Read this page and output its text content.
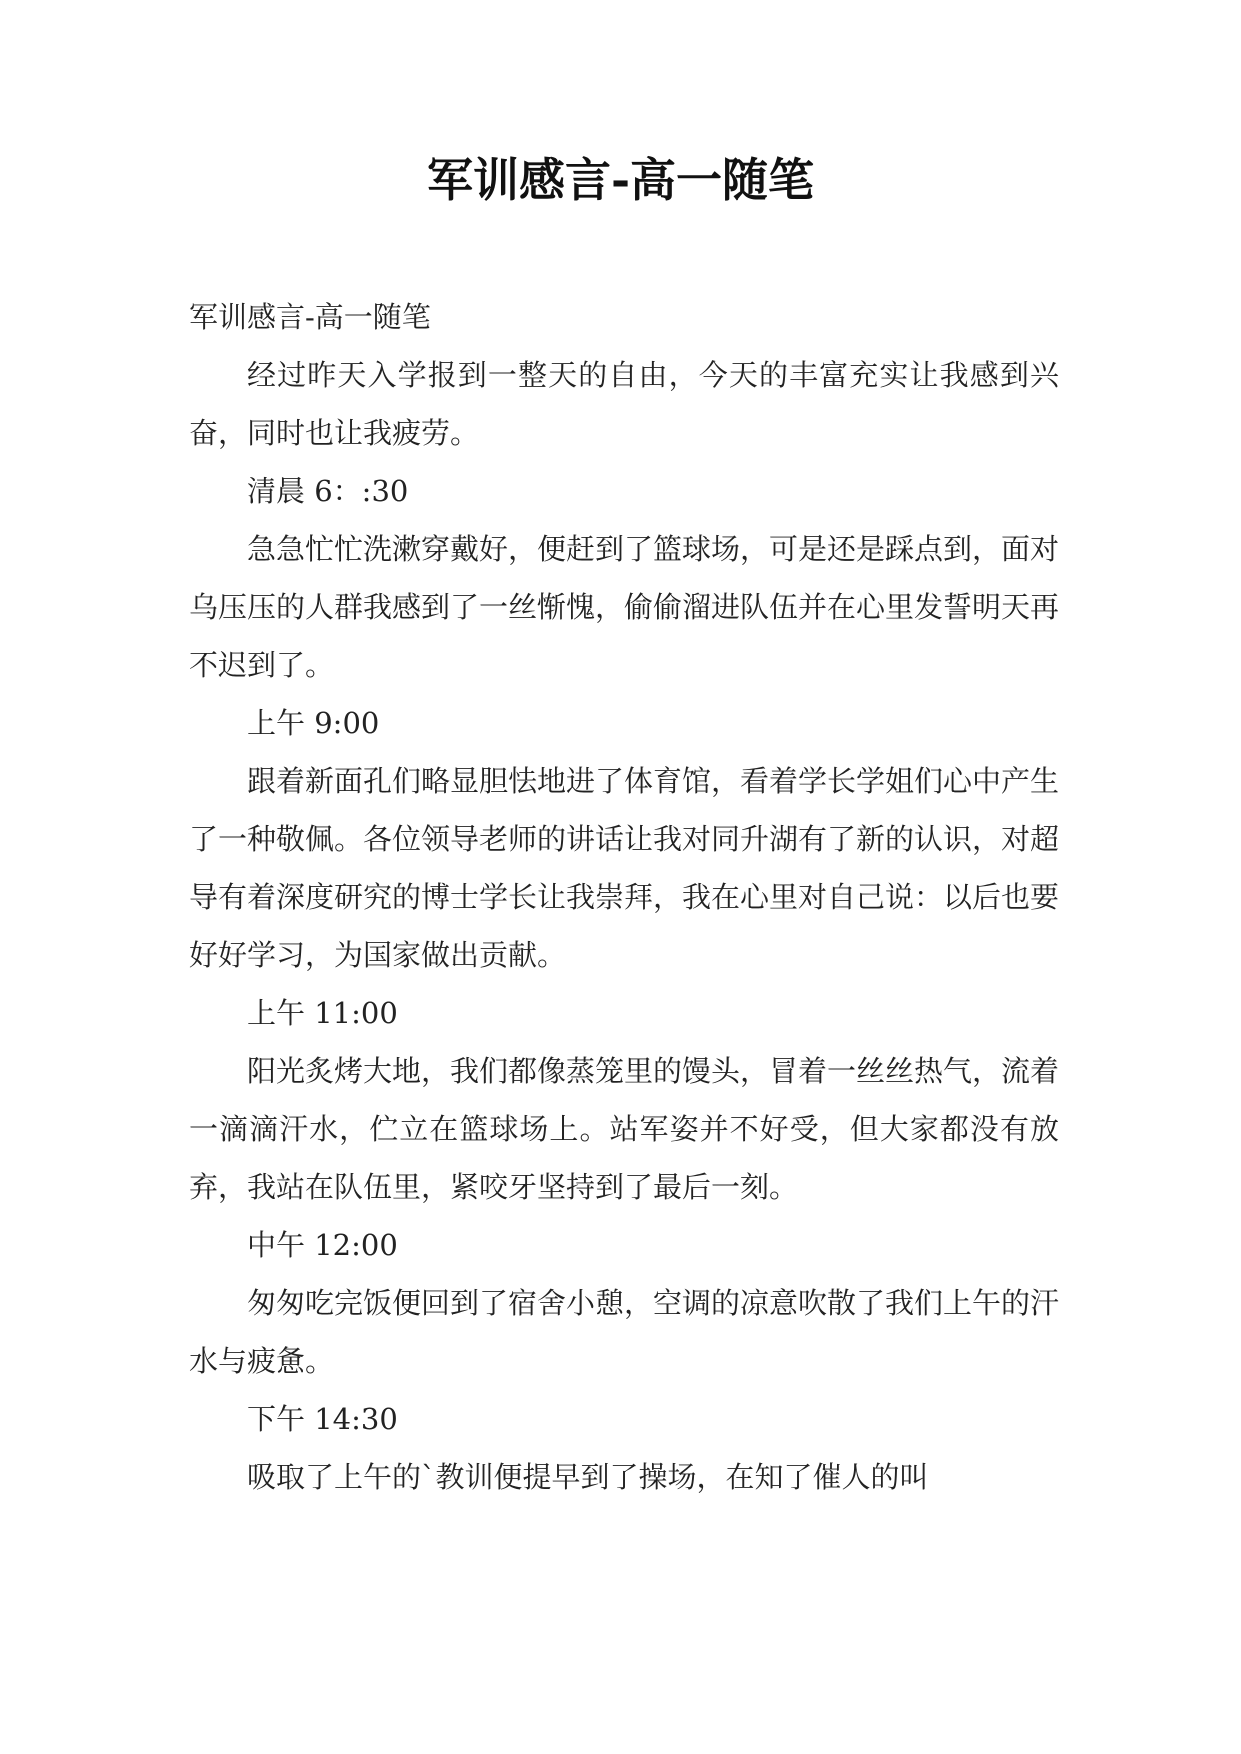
军训感言-高一随笔

军训感言-高一随笔

经过昨天入学报到一整天的自由，今天的丰富充实让我感到兴奋，同时也让我疲劳。

清晨 6：:30

急急忙忙洗漱穿戴好，便赶到了篮球场，可是还是踩点到，面对乌压压的人群我感到了一丝惭愧，偷偷溜进队伍并在心里发誓明天再不迟到了。

上午 9:00

跟着新面孔们略显胆怯地进了体育馆，看着学长学姐们心中产生了一种敬佩。各位领导老师的讲话让我对同升湖有了新的认识，对超导有着深度研究的博士学长让我崇拜，我在心里对自己说：以后也要好好学习，为国家做出贡献。

上午 11:00

阳光炙烤大地，我们都像蒸笼里的馒头，冒着一丝丝热气，流着一滴滴汗水，伫立在篮球场上。站军姿并不好受，但大家都没有放弃，我站在队伍里，紧咬牙坚持到了最后一刻。

中午 12:00

匆匆吃完饭便回到了宿舍小憩，空调的凉意吹散了我们上午的汗水与疲惫。

下午 14:30

吸取了上午的`教训便提早到了操场，在知了催人的叫
